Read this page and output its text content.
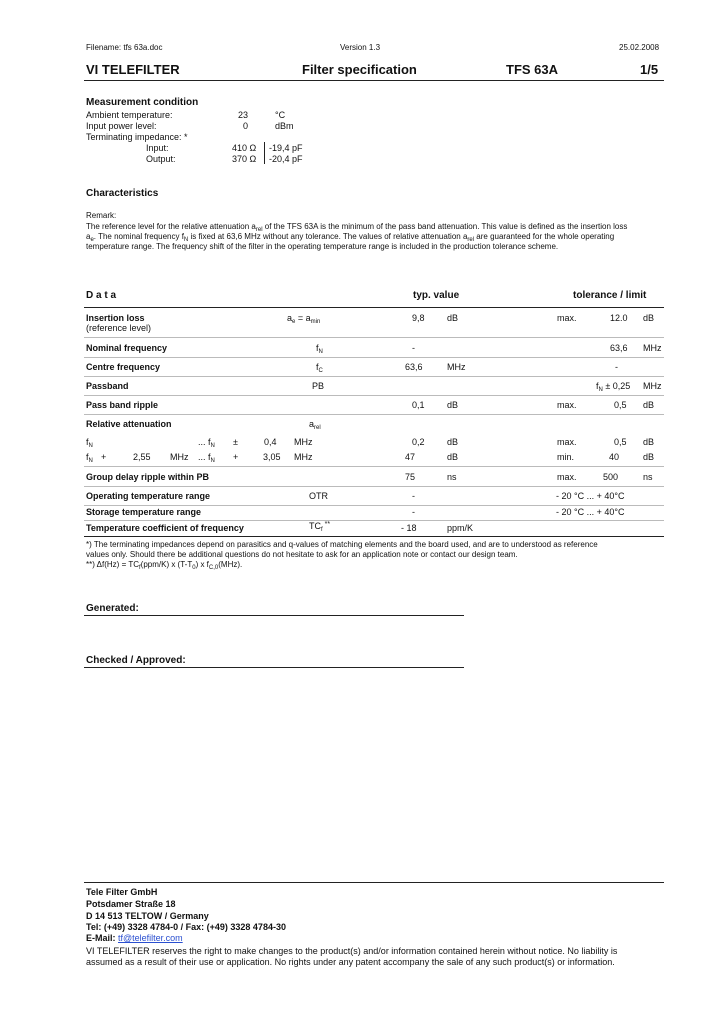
Filename: tfs 63a.doc	Version 1.3	25.02.2008
VI TELEFILTER	Filter specification	TFS 63A	1/5
Measurement condition
Ambient temperature:	23	°C
Input power level:	0	dBm
Terminating impedance: *
Input:	410 Ω -19,4 pF
Output:	370 Ω -20,4 pF
Characteristics
Remark:
The reference level for the relative attenuation $a_{rel}$ of the TFS 63A is the minimum of the pass band attenuation. This value is defined as the insertion loss
$a_e$. The nominal frequency $f_N$ is fixed at 63,6 MHz without any tolerance. The values of relative attenuation $a_{rel}$ are guaranteed for the whole operating
temperature range. The frequency shift of the filter in the operating temperature range is included in the production tolerance scheme.
D a t a	typ. value	tolerance / limit
Insertion loss
(reference level)
$a_e = a_{min}$	9,8 dB	max.	12.0 dB
Nominal frequency	$f_N$	-	63,6 MHz
Centre frequency	$f_C$	63,6	MHz	-
Passband	PB	$f_N \pm 0,25$ MHz
Pass band ripple	0,1 dB	max.	0,5 dB
Relative attenuation	$a_{rel}$
$f_N$	... $f_N$ ±	0,4 MHz	0,2 dB	max.	0,5 dB
$f_N$ +	2,55 MHz ... $f_N$ +	3,05 MHz	47	dB	min.	40	dB
Group delay ripple within PB	75	ns	max.	500	ns
Operating temperature range	OTR	-	- 20 °C ... + 40°C
Storage temperature range	-	- 20 °C ... + 40°C
Temperature coefficient of frequency	$TC_f$ **	- 18	ppm/K
*) The terminating impedances depend on parasitics and q-values of matching elements and the board used, and are to understood as reference
values only. Should there be additional questions do not hesitate to ask for an application note or contact our design team.
**) $\Delta f(Hz) = TC_f(ppm/K)$ x $(T-T_0)$ x $f_{C,0}(MHz)$.
Generated:
Checked / Approved:
Tele Filter GmbH
Potsdamer Straße 18
D 14 513 TELTOW / Germany
Tel: (+49) 3328 4784-0 / Fax: (+49) 3328 4784-30
E-Mail: tf@telefilter.com
VI TELEFILTER reserves the right to make changes to the product(s) and/or information contained herein without notice. No liability is
assumed as a result of their use or application. No rights under any patent accompany the sale of any such product(s) or information.
